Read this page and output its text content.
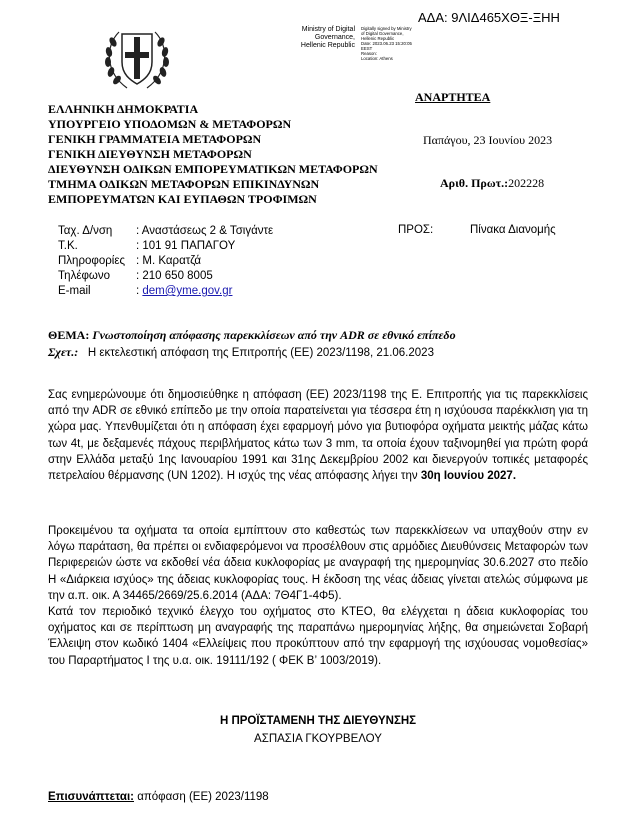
ΑΔΑ: 9ΛΙΔ465ΧΘΞ-ΞΗΗ
Ministry of Digital
Governance,
Hellenic Republic
Digitally signed by Ministry
of Digital Governance,
Hellenic Republic
Date: 2023.06.23 15:20:05
EEST
Reason:
Location: Athens
ΑΝΑΡΤΗΤΕΑ
ΕΛΛΗΝΙΚΗ ΔΗΜΟΚΡΑΤΙΑ
ΥΠΟΥΡΓΕΙΟ ΥΠΟΔΟΜΩΝ & ΜΕΤΑΦΟΡΩΝ
ΓΕΝΙΚΗ ΓΡΑΜΜΑΤΕΙΑ ΜΕΤΑΦΟΡΩΝ
ΓΕΝΙΚΗ ΔΙΕΥΘΥΝΣΗ ΜΕΤΑΦΟΡΩΝ
ΔΙΕΥΘΥΝΣΗ ΟΔΙΚΩΝ ΕΜΠΟΡΕΥΜΑΤΙΚΩΝ ΜΕΤΑΦΟΡΩΝ
ΤΜΗΜΑ ΟΔΙΚΩΝ ΜΕΤΑΦΟΡΩΝ ΕΠΙΚΙΝΔΥΝΩΝ
ΕΜΠΟΡΕΥΜΑΤΩΝ ΚΑΙ ΕΥΠΑΘΩΝ ΤΡΟΦΙΜΩΝ
Παπάγου, 23 Ιουνίου 2023
Αριθ. Πρωτ.:202228
Ταχ. Δ/νση	: Αναστάσεως 2 & Τσιγάντε
Τ.Κ.	: 101 91 ΠΑΠΑΓΟΥ
Πληροφορίες : Μ. Καρατζά
Τηλέφωνο	: 210 650 8005
E-mail	: dem@yme.gov.gr
ΠΡΟΣ:	Πίνακα Διανομής
ΘΕΜΑ: Γνωστοποίηση απόφασης παρεκκλίσεων από την ADR σε εθνικό επίπεδο
Σχετ.: Η εκτελεστική απόφαση της Επιτροπής (ΕΕ) 2023/1198, 21.06.2023
Σας ενημερώνουμε ότι δημοσιεύθηκε η απόφαση (ΕΕ) 2023/1198 της Ε. Επιτροπής για τις παρεκκλίσεις από την ADR σε εθνικό επίπεδο με την οποία παρατείνεται για τέσσερα έτη η ισχύουσα παρέκκλιση για τη χώρα μας. Υπενθυμίζεται ότι η απόφαση έχει εφαρμογή μόνο για βυτιοφόρα οχήματα μεικτής μάζας κάτω των 4t, με δεξαμενές πάχους περιβλήματος κάτω των 3 mm, τα οποία έχουν ταξινομηθεί για πρώτη φορά στην Ελλάδα μεταξύ 1ης Ιανουαρίου 1991 και 31ης Δεκεμβρίου 2002 και διενεργούν τοπικές μεταφορές πετρελαίου θέρμανσης (UN 1202). Η ισχύς της νέας απόφασης λήγει την 30η Ιουνίου 2027.
Προκειμένου τα οχήματα τα οποία εμπίπτουν στο καθεστώς των παρεκκλίσεων να υπαχθούν στην εν λόγω παράταση, θα πρέπει οι ενδιαφερόμενοι να προσέλθουν στις αρμόδιες Διευθύνσεις Μεταφορών των Περιφερειών ώστε να εκδοθεί νέα άδεια κυκλοφορίας με αναγραφή της ημερομηνίας 30.6.2027 στο πεδίο Η «Διάρκεια ισχύος» της άδειας κυκλοφορίας τους. Η έκδοση της νέας άδειας γίνεται ατελώς σύμφωνα με την α.π. οικ. Α 34465/2669/25.6.2014 (ΑΔΑ: 7Θ4Γ1-4Φ5).
Κατά τον περιοδικό τεχνικό έλεγχο του οχήματος στο ΚΤΕΟ, θα ελέγχεται η άδεια κυκλοφορίας του οχήματος και σε περίπτωση μη αναγραφής της παραπάνω ημερομηνίας λήξης, θα σημειώνεται Σοβαρή Έλλειψη στον κωδικό 1404 «Ελλείψεις που προκύπτουν από την εφαρμογή της ισχύουσας νομοθεσίας» του Παραρτήματος Ι της υ.α. οικ. 19111/192 ( ΦΕΚ Β’ 1003/2019).
Η ΠΡΟΪΣΤΑΜΕΝΗ ΤΗΣ ΔΙΕΥΘΥΝΣΗΣ
ΑΣΠΑΣΙΑ ΓΚΟΥΡΒΕΛΟΥ
Επισυνάπτεται: απόφαση (ΕΕ) 2023/1198
